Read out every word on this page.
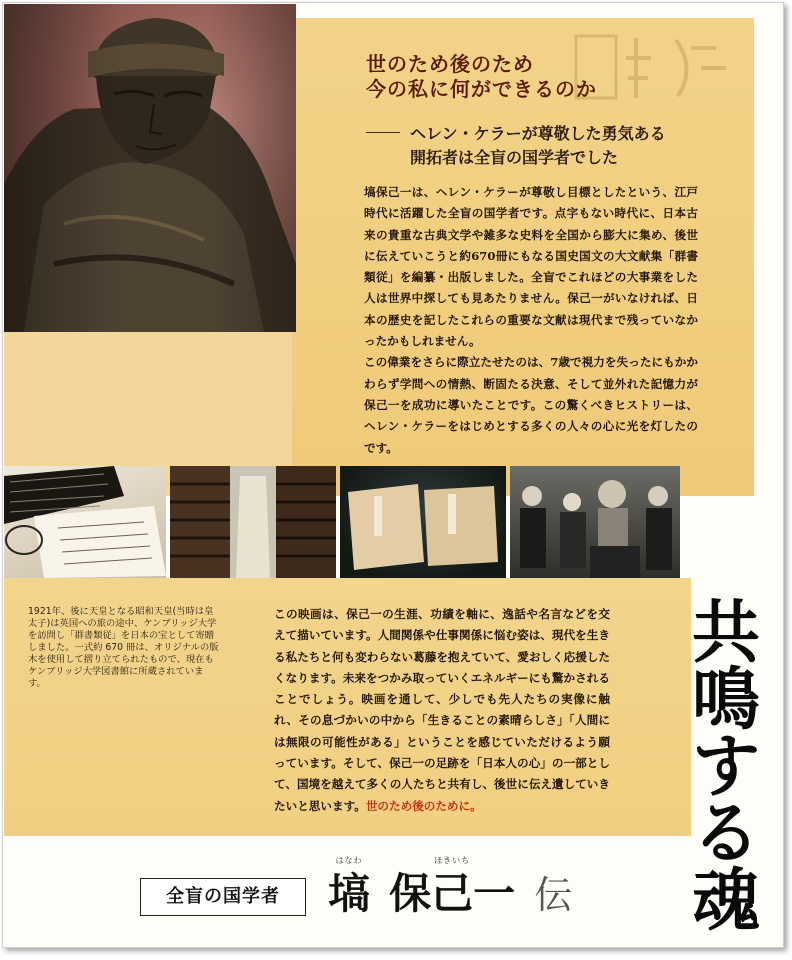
世のため後のため
今の私に何ができるのか
ヘレン・ケラーが尊敬した勇気ある
開拓者は全盲の国学者でした

塙保己一は、ヘレン・ケラーが尊敬し目標としたという、江戸時代に活躍した全盲の国学者です。点字もない時代に、日本古来の貴重な古典文学や雑多な史料を全国から膨大に集め、後世に伝えていこうと約670冊にもなる国史国文の大文献集「群書類従」を編纂・出版しました。全盲でこれほどの大事業をした人は世界中探しても見あたりません。保己一がいなければ、日本の歴史を記したこれらの重要な文献は現代まで残っていなかったかもしれません。

この偉業をさらに際立たせたのは、7歳で視力を失ったにもかかわらず学問への情熱、断固たる決意、そして並外れた記憶力が保己一を成功に導いたことです。この驚くべきヒストリーは、ヘレン・ケラーをはじめとする多くの人々の心に光を灯したのです。

1921年、後に天皇となる昭和天皇(当時は皇太子)は英国への旅の途中、ケンブリッジ大学を訪問し「群書類従」を日本の宝として寄贈しました。一式約 670 冊は、オリジナルの版木を使用して摺り立てられたもので、現在もケンブリッジ大学図書館に所蔵されています。

この映画は、保己一の生涯、功績を軸に、逸話や名言などを交えて描いています。人間関係や仕事関係に悩む姿は、現代を生きる私たちと何も変わらない葛藤を抱えていて、愛おしく応援したくなります。未来をつかみ取っていくエネルギーにも驚かされることでしょう。映画を通して、少しでも先人たちの実像に触れ、その息づかいの中から「生きることの素晴らしさ」「人間には無限の可能性がある」ということを感じていただけるよう願っています。そして、保己一の足跡を「日本人の心」の一部として、国境を越えて多くの人たちと共有し、後世に伝え遺していきたいと思います。世のため後のために。

共
鳴
す
る
魂
全盲の国学者
はなわ
塙
ほきいち
保己一 伝
